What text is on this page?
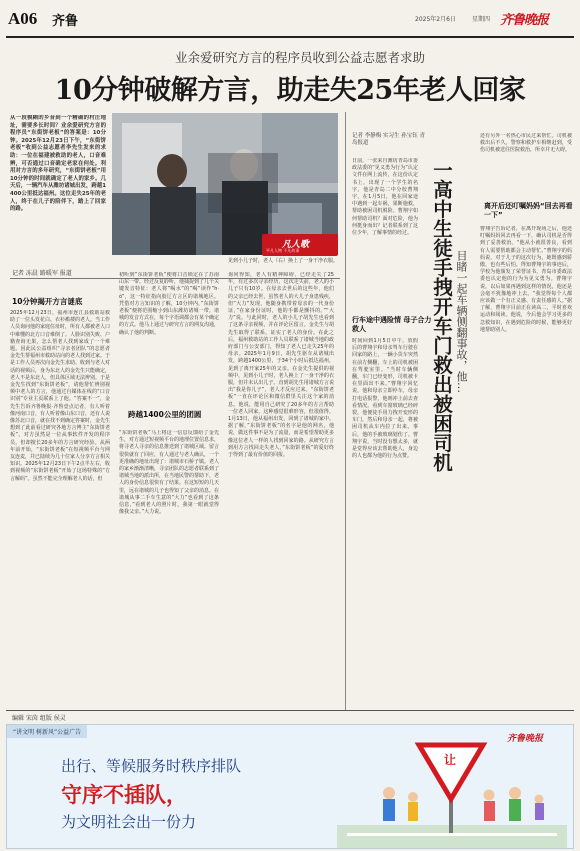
A06 齐鲁	2025年2月6日	星期四 齐鲁晚报
业余爱研究方言的程序员收到公益志愿者求助
10分钟破解方言，助走失25年老人回家
从一段模糊的乡音到一个精确的村庄地址，需要多长时间？业余爱研究方言的程序员“东街饼老板”的答案是：10分钟。2025年12月23日下午，“东街饼老板”收到公益志愿者李先生发来的求助：一位在福建被救助的老人，口音难辨，可否通过口音确定老家在何处。利用对方言的多年研究，“东街饼老板”用10分钟的时间就确定了老人的家乡。几天后，一辆汽车从潍坊诸城出发，跨越1400公里抵达福州。这位走失25年的老人，终于在儿子的陪伴下，踏上了回家的路。
见到小儿子时，老人（右）换上了一身干净衣服。
凡人歌
平凡人物 不凡故事
记者 冻晨 路暖军 报道
10分钟揭开方言谜底
2025年12月23日，福州市连江县救助站救助了一位头发花白、衣衫褴褛的老人。当工作人员询问他的家庭住址时，所有人都被老人口中难懂的北方口音难倒了。人脸识别失败、户籍查询无果，怎么帮老人找到家成了一个难题。因此民公益组织“寻亲者团队”的志愿者金先生帮福州市救助站向的老人找到过家。于是工作人员再次向金先生求助。收到与老人对话的视频后，身为东北人的金先生只能确定，老人不是东北人，但具体区域无法辨别。于是金先生找到“东街饼老板”，请他帮忙辨别视频中老人的方言，他通过自媒体在线的“口音识别”专业主页联系上了他。“答案不一”，金先生告诉齐鲁晚报·齐鲁壹点记者，有人听着像河南口音，有人听着像山东口音，还有人说像苏北口音，就在找不到确定答案时，金先生想到了此前看过研究各地方言博主“东街饼老板”。对方虽然是一位从事软件开发的程序员，但却擅长20多年的方言研究经验。从两年前开始，“东街饼老板”在短视频平台与网友连麦，并已陆续为几十位家人分享方言相关知识。2025年12月23日下午2点半左右，收到视频的“东街饼老板”开始了这场特殊的“方言解码”。虽然不能完全理解老人的话，但
初听到”东街饼老板”便将口音锁定在了苏南山东一带。经过反复聆听，他捕捉到了几个关键发音特征：老人将”喝水”的”喝”读作”h·ò”，这一特征指向胶辽方言区的诸城地区。凭借对方言知识的了解，10分钟内，”东街饼老板”便将范围缩小到山东潍坊诸城一带。诸城的发音方式在，每个字语调都会有某个确定的方式。他马上通过与研究方言的网友沟通，确认了他的判断。
跨越1400公里的团圆
“东街饼老板”马上将这一信息反馈给了金先生，对方通过短视频平台的地理位置信息求，将寻老人寻亲的信息推送到了诸城区域。留言很快就有了回应，有人通过与老人确认，一个更准确的地址出现了：诸城市石桥子镇。老人的家乡渐渐清晰，寻亲团队的志愿者联系到了诸城当地的派出所，在当地民警的帮助下，老人的身份信息很快有了结果。在这短短的几天里，远在诸城的儿子也得知了父亲的消息。在诸城从事二手车生意的”大力”也看到了这条信息，”看到老人的照片时，我第一眼就觉得像我父亲。”大力说。
询问得知，老人有精神障碍，已经走失了25年，有过多次寻亲经历，这次走失前，老人的小儿子只有10岁。在母亲去世后的这些年，他们的父亲已经去世，虽然老人的大儿子身患残疾，但”大力”发现，他随身携带着母亲的一代身份证，”在家身份证时，他的手都是颤抖的。”“大力”说。与此同时，老人的小儿子胡先生也看到了这条寻亲视频，并在评论区留言。金先生与胡先生取得了联系，证实了老人的身份。在此之后，福州救助站的工作人员联系了诸城当地的政府部门与公安部门，得知了老人已走失25年的母亲。2025年1月9日，胡先生驱车从诸城出发，跨越1400公里，于34个小时后抵达福州，见到了离开家25年的父亲。在金先生提供的视频中，见到小儿子时，老人换上了一身干净的衣服，但并未认出儿子。直到胡先生用诸城方言说出”我是你儿子”，老人才反应过来。“东街饼老板”一直在评论区和微信群里关注这个家的消息。他说，能用自己研究了20多年的方言帮助一位老人回家，这种感觉很难形容，但很值得。1月13日，他从福州出发，回到了诸城的家中。据了解，”东街饼老板”的名字是他的网名，他说，做这件事不是为了流量，而是希望帮助更多像这位老人一样的人找到回家的路。从研究方言到用方言找回走失老人，”东街饼老板”的爱好终于得到了最有价值的回报。
记者 李静梅 实习生 孙宝钰 青岛报道
日前，一张来自潍坊青岛市委政法委的“见义勇为行为”认定文件在网上流传，在这份认定书上，出现了一个学生的名字。他是青岛二中分校曹翔宇，在1月5日，他在回家途中遇到一起车祸，果断施救，帮助被困司机脱险。曹翔宇如何帮助司机？面对危险，他为何挺身而出？记者联系到了这位少年，了解事情的经过。
行车途中遇险情 母子合力救人
时间回到1月5日中午，放假后的曹翔宇和母亲驾车行驶在回家的路上，一辆小货车突然在前方侧翻，车上的司机被困在驾驶室里。“当时车辆侧翻，车门已经变形，司机被卡在里面出不来。”曹翔宇回忆说，他和母亲立即停车，母亲打电话报警，他则冲上前去查看情况。看到车窗玻璃已经碎裂，他便徒手用力拽开变形的车门，然后和母亲一起，将被困司机从车内拉了出来。事后，他的手被玻璃划伤了。曹翔宇说，当时没有想太多，就是觉得应该去帮助他人，身边的人也都为他的行为点赞。 一高中生徒手拽开车门救出被困司机 目睹一起车辆侧翻事故，他…
还有另外一名热心市民过来帮忙。司机被救出后不久，警察和救护车相继赶到，受伤司机被送往医院救治，所幸并无大碍。
离开后还叮嘱妈妈“回去再看一下”
曹翔宇告诉记者，在离开现场之后，他还叮嘱妈妈回去再看一下，确认司机是否得到了妥善救治。“他从小就很善良，看到有人需要帮助都会主动帮忙。”曹翔宇的妈妈说，对于儿子的这次行为，她既感到骄傲，也有些后怕。得知曹翔宇的事迹后，学校为他颁发了荣誉证书，青岛市委政法委也认定他的行为为见义勇为。曹翔宇说，以后如果再遇到这样的情况，他还是会毫不犹豫地冲上去。“我觉得每个人都应该做一个有正义感、有责任感的人。”据了解，曹翔宇目前正在读高二，平时喜欢运动和阅读。他说，今后他会学习更多的急救知识，在遇到危险的时候，能够更好地帮助别人。
编辑 宋茵 组版 侯灵
“讲文明 树新风”公益广告
齐鲁晚报
出行、等候服务时秩序排队
守序不插队，
为文明社会出一份力
让
